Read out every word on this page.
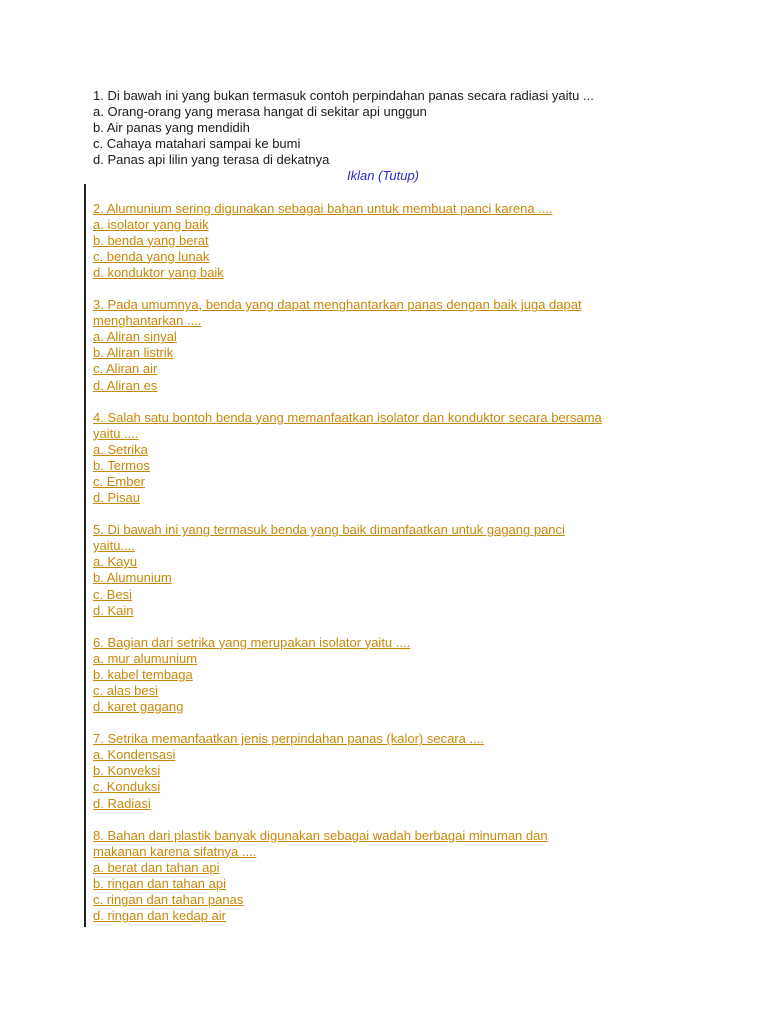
1. Di bawah ini yang bukan termasuk contoh perpindahan panas secara radiasi yaitu ...
a. Orang-orang yang merasa hangat di sekitar api unggun
b. Air panas yang mendidih
c. Cahaya matahari sampai ke bumi
d. Panas api lilin yang terasa di dekatnya
Iklan (Tutup)
2. Alumunium sering digunakan sebagai bahan untuk membuat panci karena ....
a. isolator yang baik
b. benda yang berat
c. benda yang lunak
d. konduktor yang baik
3. Pada umumnya, benda yang dapat menghantarkan panas dengan baik juga dapat
menghantarkan ....
a. Aliran sinyal
b. Aliran listrik
c. Aliran air
d. Aliran es
4. Salah satu bontoh benda yang memanfaatkan isolator dan konduktor secara bersama
yaitu ....
a. Setrika
b. Termos
c. Ember
d. Pisau
5. Di bawah ini yang termasuk benda yang baik dimanfaatkan untuk gagang panci
yaitu....
a. Kayu
b. Alumunium
c. Besi
d. Kain
6. Bagian dari setrika yang merupakan isolator yaitu ....
a. mur alumunium
b. kabel tembaga
c. alas besi
d. karet gagang
7. Setrika memanfaatkan jenis perpindahan panas (kalor) secara ....
a. Kondensasi
b. Konveksi
c. Konduksi
d. Radiasi
8. Bahan dari plastik banyak digunakan sebagai wadah berbagai minuman dan
makanan karena sifatnya ....
a. berat dan tahan api
b. ringan dan tahan api
c. ringan dan tahan panas
d. ringan dan kedap air
